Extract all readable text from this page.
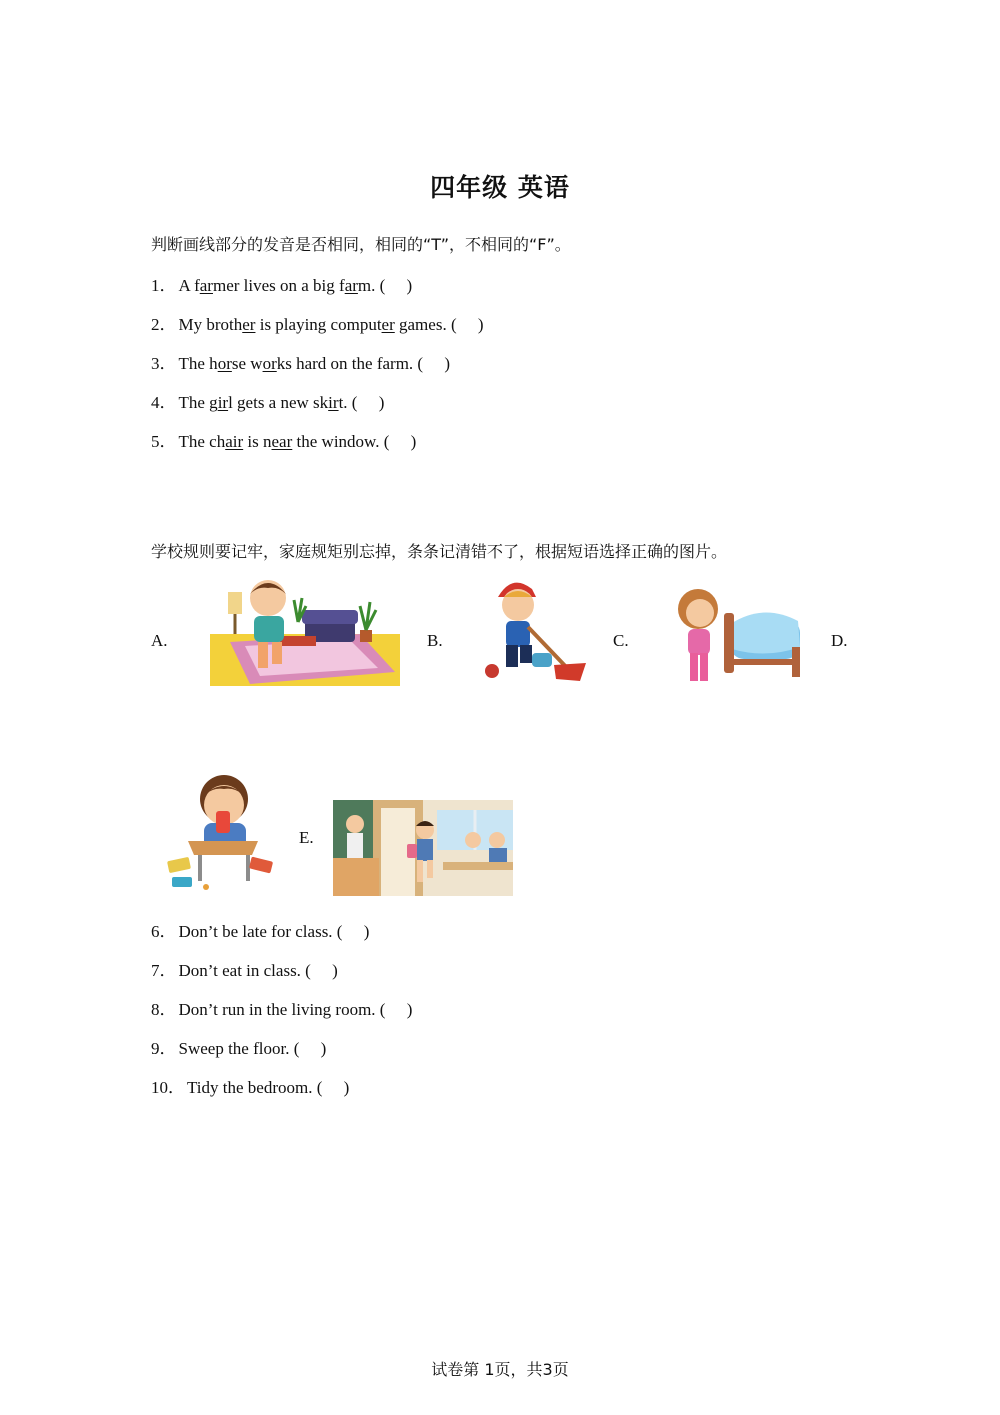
四年级 英语
判断画线部分的发音是否相同，相同的“T”，不相同的“F”。
1． A farmer lives on a big farm. (　 )
2． My brother is playing computer games. (　 )
3． The horse works hard on the farm. (　 )
4． The girl gets a new skirt. (　 )
5． The chair is near the window. (　 )
学校规则要记牢，家庭规矩别忘掉，条条记清错不了，根据短语选择正确的图片。
A.	B.	C.	D.
E.
6． Don’t be late for class. (　 )
7． Don’t eat in class. (　 )
8． Don’t run in the living room. (　 )
9． Sweep the floor. (　 )
10． Tidy the bedroom. (　 )
试卷第 1页，共3页
